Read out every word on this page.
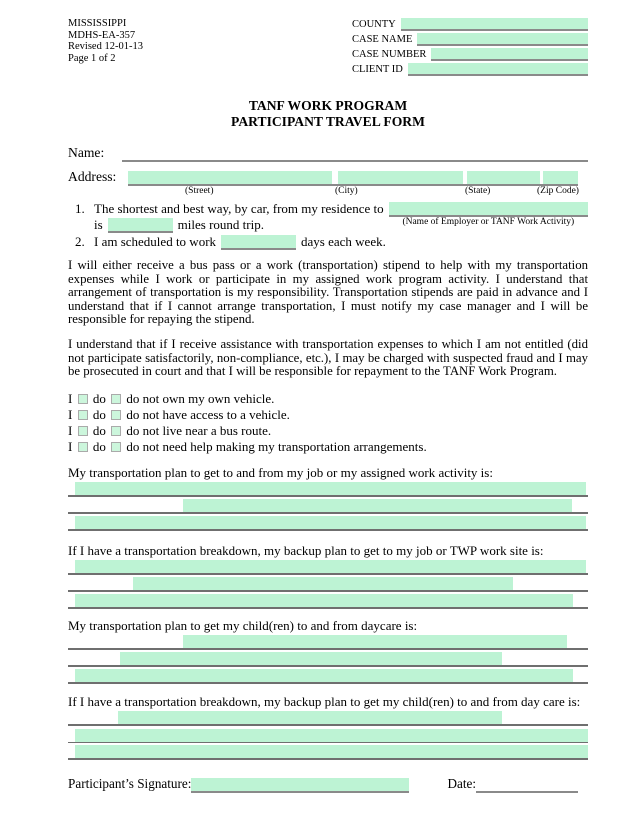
MISSISSIPPI
MDHS-EA-357
Revised 12-01-13
Page 1 of 2
COUNTY
CASE NAME
CASE NUMBER
CLIENT ID
TANF WORK PROGRAM
PARTICIPANT TRAVEL FORM
Name:
Address:
(Street)	(City)	(State)	(Zip Code)
1. The shortest and best way, by car, from my residence to
(Name of Employer or TANF Work Activity)
is	miles round trip.
2. I am scheduled to work	days each week.
I will either receive a bus pass or a work (transportation) stipend to help with my transportation expenses while I work or participate in my assigned work program activity. I understand that arrangement of transportation is my responsibility. Transportation stipends are paid in advance and I understand that if I cannot arrange transportation, I must notify my case manager and I will be responsible for repaying the stipend.
I understand that if I receive assistance with transportation expenses to which I am not entitled (did not participate satisfactorily, non-compliance, etc.), I may be charged with suspected fraud and I may be prosecuted in court and that I will be responsible for repayment to the TANF Work Program.
I do do not own my own vehicle.
I do do not have access to a vehicle.
I do do not live near a bus route.
I do do not need help making my transportation arrangements.
My transportation plan to get to and from my job or my assigned work activity is:
If I have a transportation breakdown, my backup plan to get to my job or TWP work site is:
My transportation plan to get my child(ren) to and from daycare is:
If I have a transportation breakdown, my backup plan to get my child(ren) to and from day care is:
Participant’s Signature:	Date:
